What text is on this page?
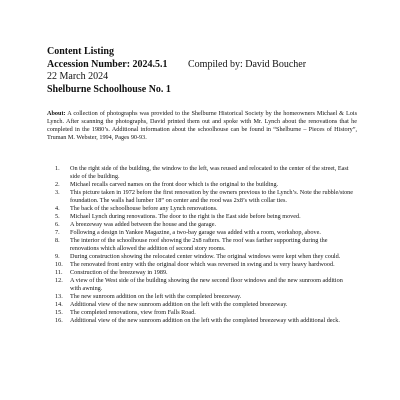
Content Listing
Accession Number: 2024.5.1 Compiled by: David Boucher
22 March 2024
Shelburne Schoolhouse No. 1
About: A collection of photographs was provided to the Shelburne Historical Society by the homeowners Michael & Lois Lynch. After scanning the photographs, David printed them out and spoke with Mr. Lynch about the renovations that he completed in the 1980’s. Additional information about the schoolhouse can be found in “Shelburne – Pieces of History”, Truman M. Webster, 1994, Pages 90-93.
1. On the right side of the building, the window to the left, was reused and relocated to the center of the street, East side of the building.
2. Michael recalls carved names on the front door which is the original to the building.
3. This picture taken in 1972 before the first renovation by the owners previous to the Lynch’s. Note the rubble/stone foundation. The walls had lumber 18” on center and the rood was 2x8’s with collar ties.
4. The back of the schoolhouse before any Lynch renovations.
5. Michael Lynch during renovations. The door to the right is the East side before being moved.
6. A breezeway was added between the house and the garage.
7. Following a design in Yankee Magazine, a two-bay garage was added with a room, workshop, above.
8. The interior of the schoolhouse roof showing the 2x8 rafters. The roof was farther supporting during the renovations which allowed the addition of second story rooms.
9. During construction showing the relocated center window. The original windows were kept when they could.
10. The renovated front entry with the original door which was reversed in swing and is very heavy hardwood.
11. Construction of the breezeway in 1989.
12. A view of the West side of the building showing the new second floor windows and the new sunroom addition with awning.
13. The new sunroom addition on the left with the completed breezeway.
14. Additional view of the new sunroom addition on the left with the completed breezeway.
15. The completed renovations, view from Falls Road.
16. Additional view of the new sunroom addition on the left with the completed breezeway with additional deck.
